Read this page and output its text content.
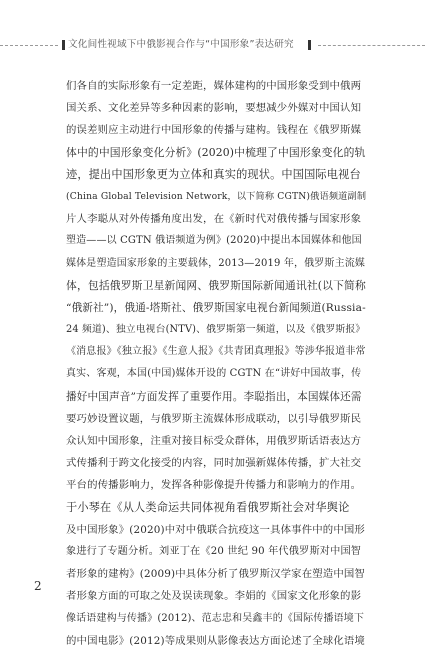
文化间性视域下中俄影视合作与“中国形象”表达研究
们各自的实际形象有一定差距，媒体建构的中国形象受到中俄两
国关系、文化差异等多种因素的影响，要想减少外媒对中国认知
的误差则应主动进行中国形象的传播与建构。钱程在《俄罗斯媒
体中的中国形象变化分析》(2020)中梳理了中国形象变化的轨
迹，提出中国形象更为立体和真实的现状。中国国际电视台
(China Global Television Network，以下简称 CGTN)俄语频道副制
片人李聪从对外传播角度出发，在《新时代对俄传播与国家形象
塑造——以 CGTN 俄语频道为例》(2020)中提出本国媒体和他国
媒体是塑造国家形象的主要载体，2013—2019 年，俄罗斯主流媒
体，包括俄罗斯卫星新闻网、俄罗斯国际新闻通讯社(以下简称
“俄新社”)，俄通-塔斯社、俄罗斯国家电视台新闻频道(Russia-
24 频道)、独立电视台(NTV)、俄罗斯第一频道，以及《俄罗斯报》
《消息报》《独立报》《生意人报》《共青团真理报》等涉华报道非常
真实、客观，本国(中国)媒体开设的 CGTN 在“讲好中国故事，传
播好中国声音”方面发挥了重要作用。李聪指出，本国媒体还需
要巧妙设置议题，与俄罗斯主流媒体形成联动，以引导俄罗斯民
众认知中国形象，注重对接目标受众群体，用俄罗斯话语表达方
式传播利于跨文化接受的内容，同时加强新媒体传播，扩大社交
平台的传播影响力，发挥各种影像提升传播力和影响力的作用。
于小琴在《从人类命运共同体视角看俄罗斯社会对华舆论
及中国形象》(2020)中对中俄联合抗疫这一具体事件中的中国形
象进行了专题分析。刘亚丁在《20 世纪 90 年代俄罗斯对中国智
者形象的建构》(2009)中具体分析了俄罗斯汉学家在塑造中国智
者形象方面的可取之处及误读现象。李娟的《国家文化形象的影
像话语建构与传播》(2012)、范志忠和吴鑫丰的《国际传播语境下
的中国电影》(2012)等成果则从影像表达方面论述了全球化语境
2
